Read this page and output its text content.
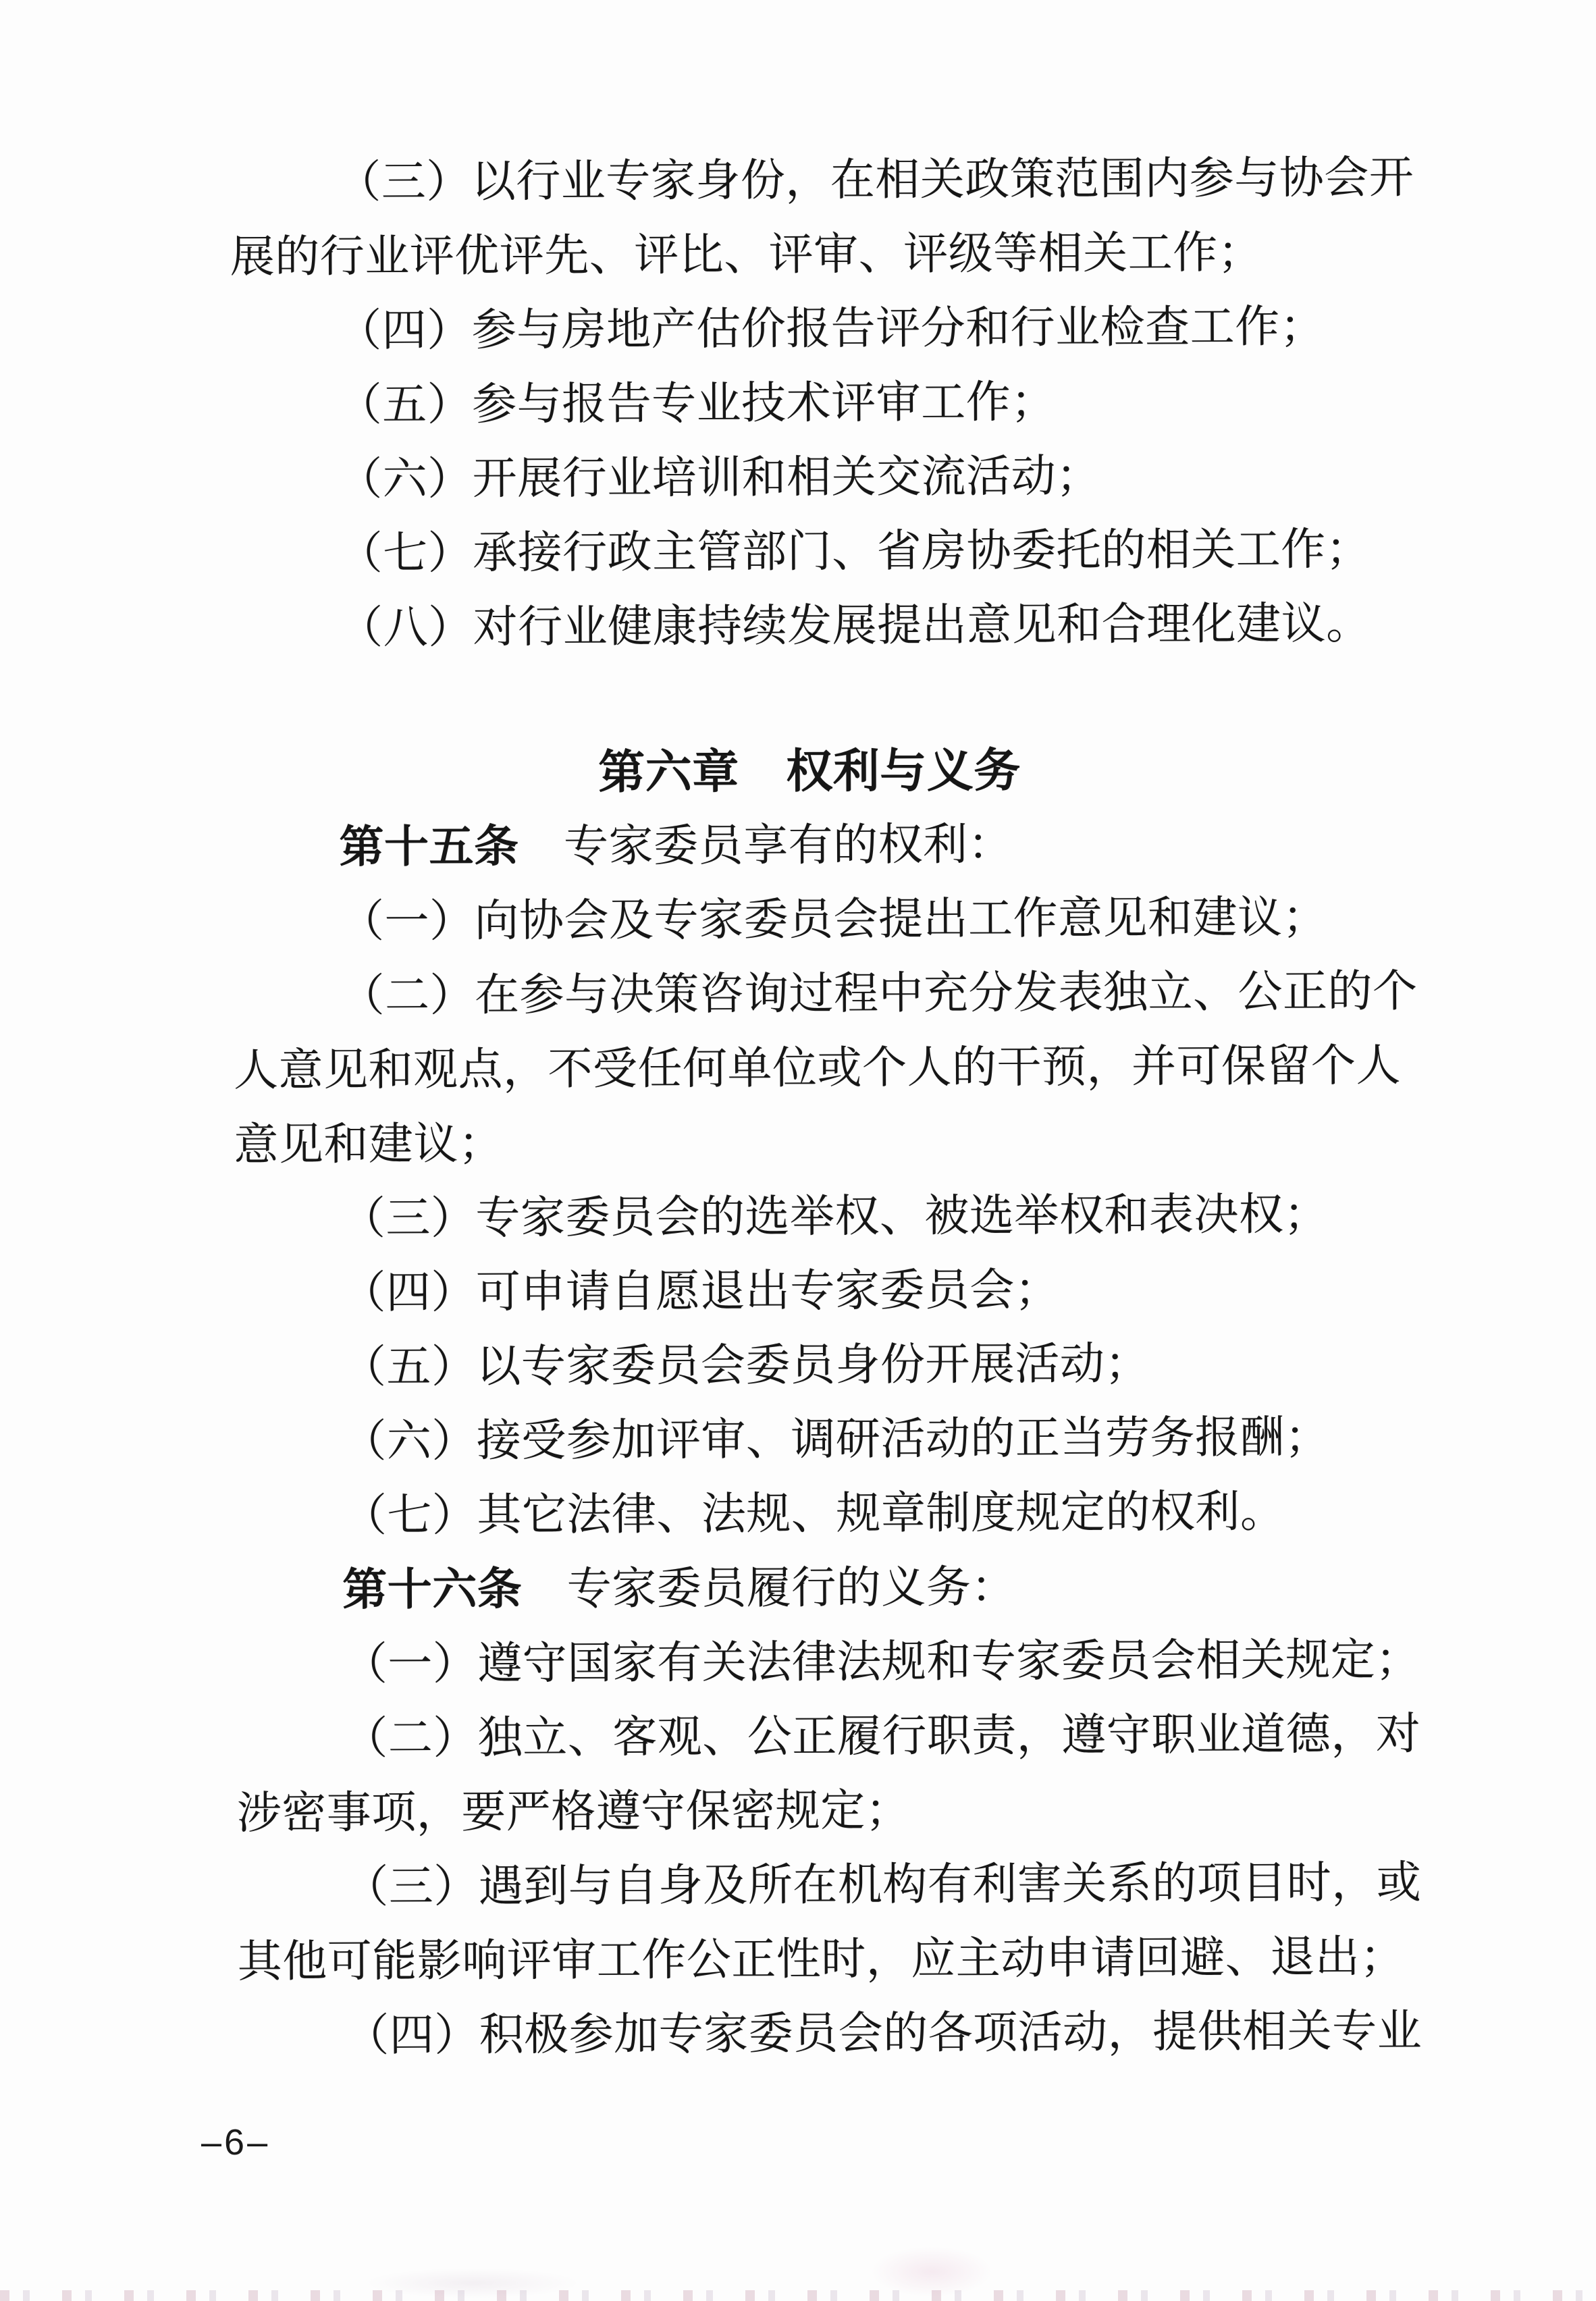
（三）以行业专家身份，在相关政策范围内参与协会开

展的行业评优评先、评比、评审、评级等相关工作；

（四）参与房地产估价报告评分和行业检查工作；

（五）参与报告专业技术评审工作；

（六）开展行业培训和相关交流活动；

（七）承接行政主管部门、省房协委托的相关工作；

（八）对行业健康持续发展提出意见和合理化建议。

第六章　权利与义务

第十五条　专家委员享有的权利：

（一）向协会及专家委员会提出工作意见和建议；

（二）在参与决策咨询过程中充分发表独立、公正的个

人意见和观点，不受任何单位或个人的干预，并可保留个人

意见和建议；

（三）专家委员会的选举权、被选举权和表决权；

（四）可申请自愿退出专家委员会；

（五）以专家委员会委员身份开展活动；

（六）接受参加评审、调研活动的正当劳务报酬；

（七）其它法律、法规、规章制度规定的权利。

第十六条　专家委员履行的义务：

（一）遵守国家有关法律法规和专家委员会相关规定；

（二）独立、客观、公正履行职责，遵守职业道德，对

涉密事项，要严格遵守保密规定；

（三）遇到与自身及所在机构有利害关系的项目时，或

其他可能影响评审工作公正性时，应主动申请回避、退出；

（四）积极参加专家委员会的各项活动，提供相关专业

–6–
